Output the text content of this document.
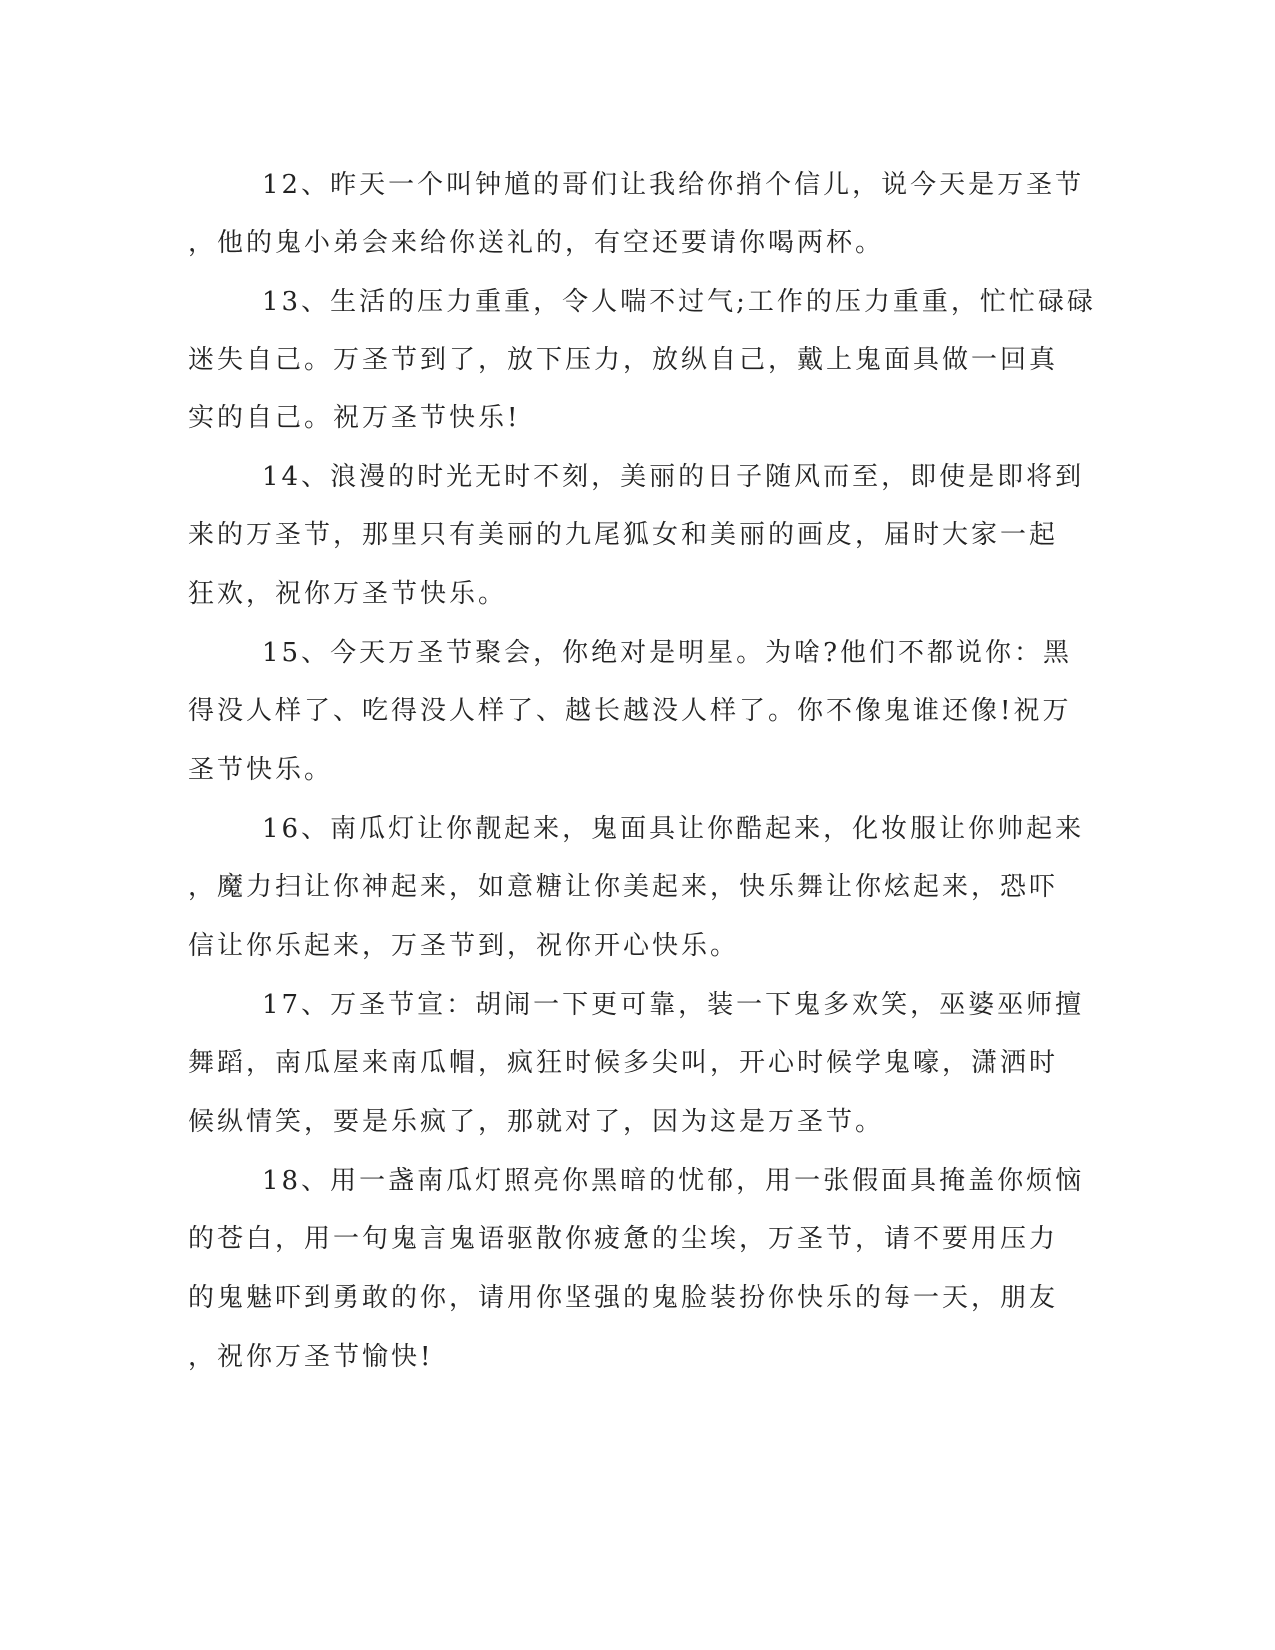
12、昨天一个叫钟馗的哥们让我给你捎个信儿，说今天是万圣节

，他的鬼小弟会来给你送礼的，有空还要请你喝两杯。

13、生活的压力重重，令人喘不过气;工作的压力重重，忙忙碌碌

迷失自己。万圣节到了，放下压力，放纵自己，戴上鬼面具做一回真

实的自己。祝万圣节快乐!

14、浪漫的时光无时不刻，美丽的日子随风而至，即使是即将到

来的万圣节，那里只有美丽的九尾狐女和美丽的画皮，届时大家一起

狂欢，祝你万圣节快乐。

15、今天万圣节聚会，你绝对是明星。为啥?他们不都说你：黑

得没人样了、吃得没人样了、越长越没人样了。你不像鬼谁还像!祝万

圣节快乐。

16、南瓜灯让你靓起来，鬼面具让你酷起来，化妆服让你帅起来

，魔力扫让你神起来，如意糖让你美起来，快乐舞让你炫起来，恐吓

信让你乐起来，万圣节到，祝你开心快乐。

17、万圣节宣：胡闹一下更可靠，装一下鬼多欢笑，巫婆巫师擅

舞蹈，南瓜屋来南瓜帽，疯狂时候多尖叫，开心时候学鬼嚎，潇洒时

候纵情笑，要是乐疯了，那就对了，因为这是万圣节。

18、用一盏南瓜灯照亮你黑暗的忧郁，用一张假面具掩盖你烦恼

的苍白，用一句鬼言鬼语驱散你疲惫的尘埃，万圣节，请不要用压力

的鬼魅吓到勇敢的你，请用你坚强的鬼脸装扮你快乐的每一天，朋友

，祝你万圣节愉快!
